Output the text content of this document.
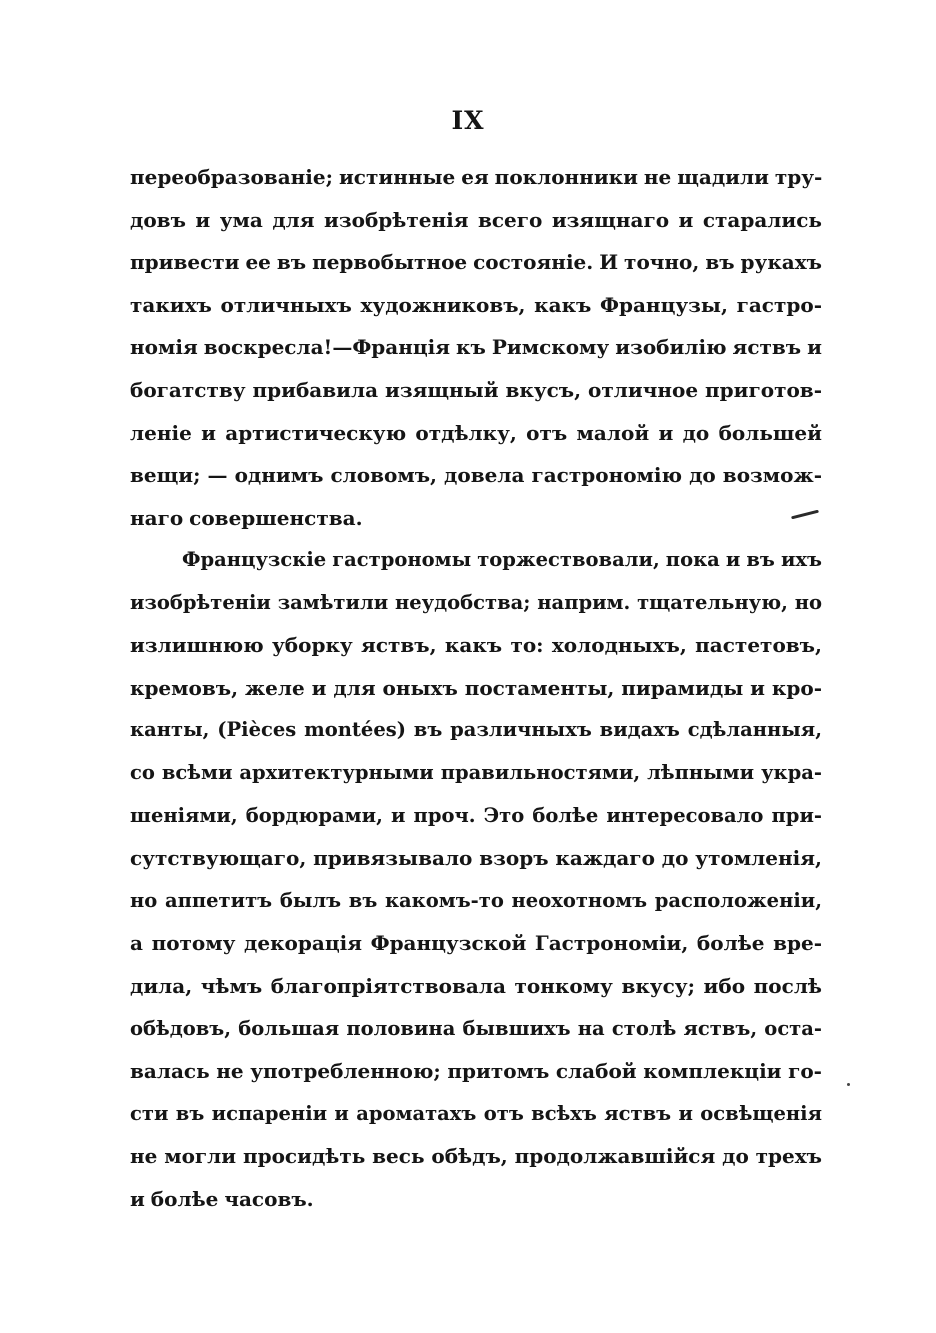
IX
переобразованіе; истинные ея поклонники не щадили тру-
довъ и ума для изобрѣтенія всего изящнаго и старались
привести ее въ первобытное состояніе. И точно, въ рукахъ
такихъ отличныхъ художниковъ, какъ Французы, гастро-
номія воскресла!—Франція къ Римскому изобилію яствъ и
богатству прибавила изящный вкусъ, отличное приготов-
леніе и артистическую отдѣлку, отъ малой и до большей
вещи; — однимъ словомъ, довела гастрономію до возмож-
наго совершенства.
Французскіе гастрономы торжествовали, пока и въ ихъ
изобрѣтеніи замѣтили неудобства; наприм. тщательную, но
излишнюю уборку яствъ, какъ то: холодныхъ, пастетовъ,
кремовъ, желе и для оныхъ постаменты, пирамиды и кро-
канты, (Pièces montées) въ различныхъ видахъ сдѣланныя,
со всѣми архитектурными правильностями, лѣпными укра-
шеніями, бордюрами, и проч. Это болѣе интересовало при-
сутствующаго, привязывало взоръ каждаго до утомленія,
но аппетитъ былъ въ какомъ-то неохотномъ расположеніи,
а потому декорація Французской Гастрономіи, болѣе вре-
дила, чѣмъ благопріятствовала тонкому вкусу; ибо послѣ
обѣдовъ, большая половина бывшихъ на столѣ яствъ, оста-
валась не употребленною; притомъ слабой комплекціи го-
сти въ испареніи и ароматахъ отъ всѣхъ яствъ и освѣщенія
не могли просидѣть весь обѣдъ, продолжавшійся до трехъ
и болѣе часовъ.
